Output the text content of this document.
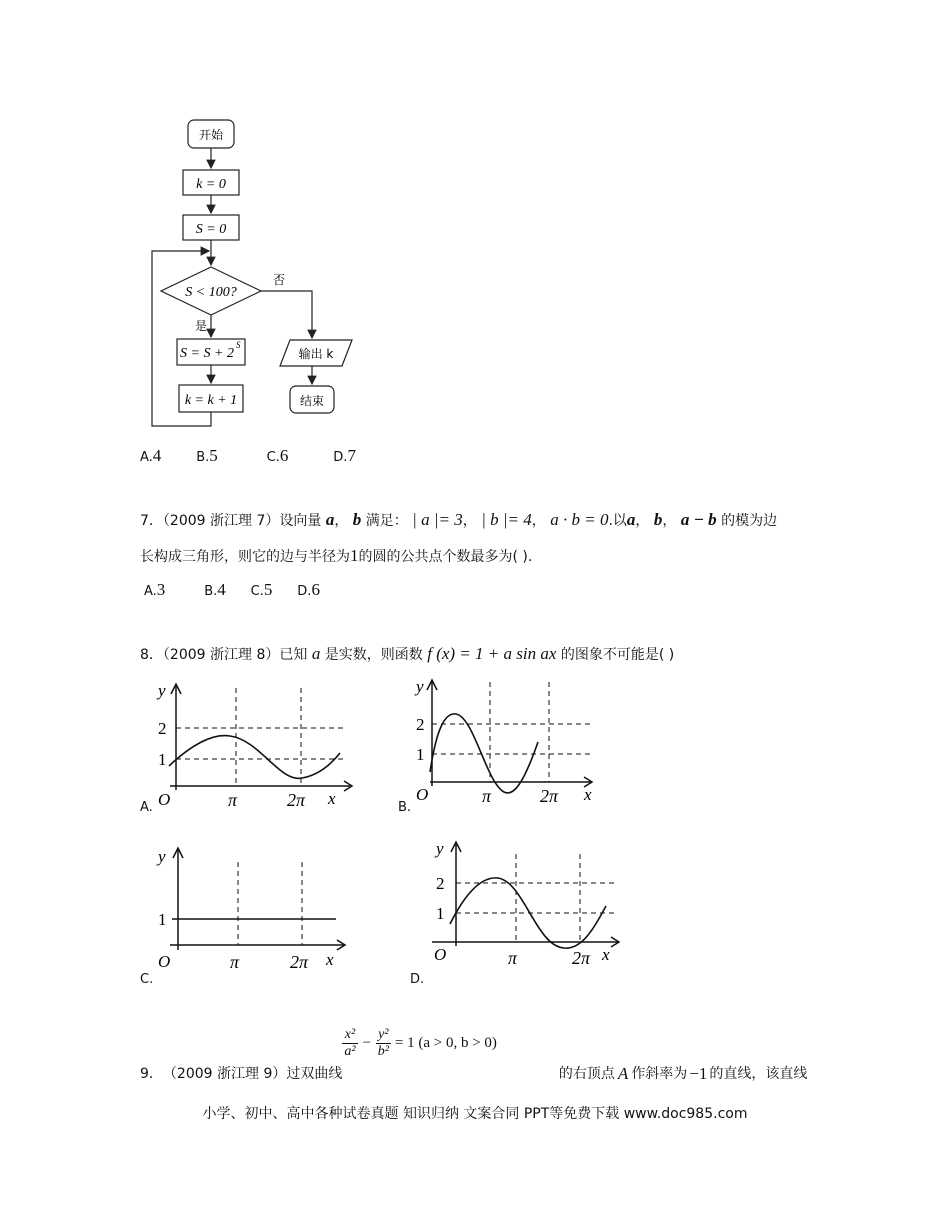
开始
k = 0
S = 0
S < 100?
否
是
S = S + 2
S
k = k + 1
输出 k
结束
A.4	B.5	C.6	D.7
7．（2009 浙江理 7）设向量 a， b 满足： | a |= 3， | b |= 4， a · b = 0.以a， b， a − b 的模为边
长构成三角形，则它的边与半径为1的圆的公共点个数最多为( ).
A.3	B.4 C.5 D.6
8．（2009 浙江理 8）已知 a 是实数，则函数 f (x) = 1 + a sin ax 的图象不可能是( )
y
2
1
O	π	2π x
A.
y
2
1
O	π	2π x
B.
y
1
O	π	2π x
C.
y
2
1
O	π	2π x
D.
9． （2009 浙江理 9） 过双曲线
$\frac{\text{x²}}{\text{a²}} - \frac{\text{y²}}{\text{b²}} = 1$ (a > 0, b > 0)
的右顶点 A 作斜率为 −1 的直线，该直线
小学、初中、高中各种试卷真题 知识归纳 文案合同 PPT等免费下载 www.doc985.com
